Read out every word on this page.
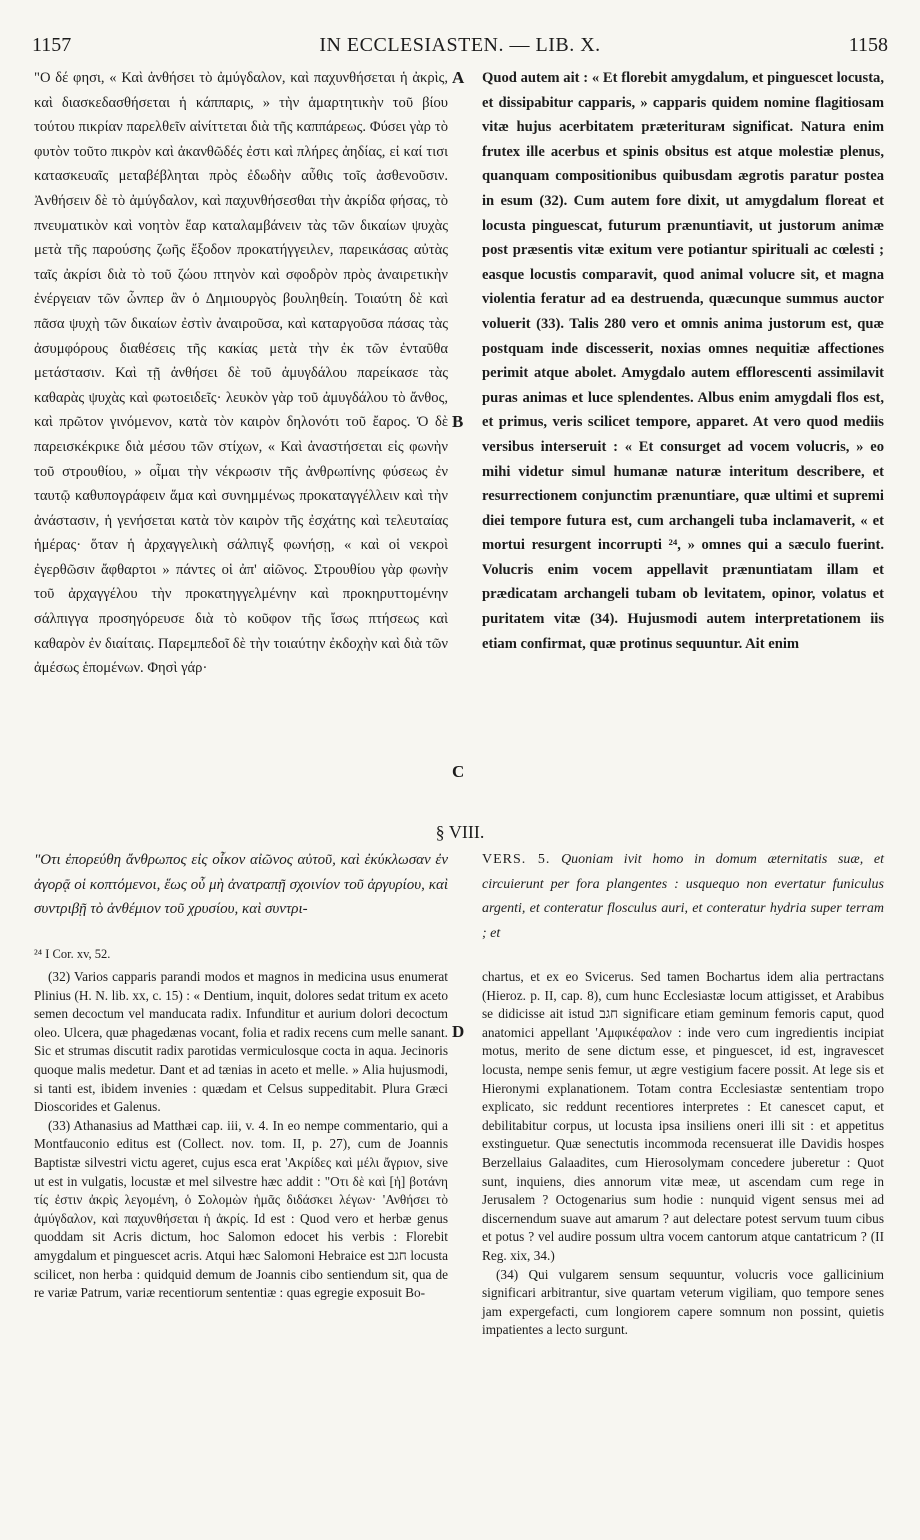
1157	IN ECCLESIASTEN. — LIB. X.	1158
A
B
C
D

"Ο δέ φησι, « Καὶ ἀνθήσει τὸ ἀμύγδαλον, καὶ παχυνθήσεται ἡ ἀκρὶς, καὶ διασκεδασθήσεται ἡ κάππαρις, » τὴν ἁμαρτητικὴν τοῦ βίου τούτου πικρίαν παρελθεῖν αἰνίττεται διὰ τῆς καππάρεως. Φύσει γὰρ τὸ φυτὸν τοῦτο πικρὸν καὶ ἀκανθῶδές ἐστι καὶ πλήρες ἀηδίας, εἰ καί τισι κατασκευαῖς μεταβέβληται πρὸς ἐδωδὴν αὖθις τοῖς ἀσθενοῦσιν. Ἀνθήσειν δὲ τὸ ἀμύγδαλον, καὶ παχυνθήσεσθαι τὴν ἀκρίδα φήσας, τὸ πνευματικὸν καὶ νοητὸν ἔαρ καταλαμβάνειν τὰς τῶν δικαίων ψυχὰς μετὰ τῆς παρούσης ζωῆς ἔξοδον προκατήγγειλεν, παρεικάσας αὐτὰς ταῖς ἀκρίσι διὰ τὸ τοῦ ζώου πτηνὸν καὶ σφοδρὸν πρὸς ἀναιρετικὴν ἐνέργειαν τῶν ὧνπερ ἂν ὁ Δημιουργὸς βουληθείη. Τοιαύτη δὲ καὶ πᾶσα ψυχὴ τῶν δικαίων ἐστὶν ἀναιροῦσα, καὶ καταργοῦσα πάσας τὰς ἀσυμφόρους διαθέσεις τῆς κακίας μετὰ τὴν ἐκ τῶν ἐνταῦθα μετάστασιν. Καὶ τῇ ἀνθήσει δὲ τοῦ ἀμυγδάλου παρείκασε τὰς καθαρὰς ψυχὰς καὶ φωτοειδεῖς· λευκὸν γὰρ τοῦ ἀμυγδάλου τὸ ἄνθος, καὶ πρῶτον γινόμενον, κατὰ τὸν καιρὸν δηλονότι τοῦ ἔαρος. Ὁ δὲ παρεισκέκρικε διὰ μέσου τῶν στίχων, « Καὶ ἀναστήσεται εἰς φωνὴν τοῦ στρουθίου, » οἶμαι τὴν νέκρωσιν τῆς ἀνθρωπίνης φύσεως ἐν ταυτῷ καθυπογράφειν ἅμα καὶ συνημμένως προκαταγγέλλειν καὶ τὴν ἀνάστασιν, ἡ γενήσεται κατὰ τὸν καιρὸν τῆς ἐσχάτης καὶ τελευταίας ἡμέρας· ὅταν ἡ ἀρχαγγελικὴ σάλπιγξ φωνήσῃ, « καὶ οἱ νεκροὶ ἐγερθῶσιν ἄφθαρτοι » πάντες οἱ ἀπ' αἰῶνος. Στρουθίου γὰρ φωνὴν τοῦ ἀρχαγγέλου τὴν προκατηγγελμένην καὶ προκηρυττομένην σάλπιγγα προσηγόρευσε διὰ τὸ κοῦφον τῆς ἴσως πτήσεως καὶ καθαρὸν ἐν διαίταις. Παρεμπεδοῖ δὲ τὴν τοιαύτην ἐκδοχὴν καὶ διὰ τῶν ἀμέσως ἑπομένων. Φησὶ γάρ·

Quod autem ait : « Et florebit amygdalum, et pinguescet locusta, et dissipabitur capparis, » capparis quidem nomine flagitiosam vitæ hujus acerbitatem præteriturам significat. Natura enim frutex ille acerbus et spinis obsitus est atque molestiæ plenus, quanquam compositionibus quibusdam ægrotis paratur postea in esum (32). Cum autem fore dixit, ut amygdalum floreat et locusta pinguescat, futurum prænuntiavit, ut justorum animæ post præsentis vitæ exitum vere potiantur spirituali ac cœlesti ; easque locustis comparavit, quod animal volucre sit, et magna violentia feratur ad ea destruenda, quæcunque summus auctor voluerit (33). Talis 280 vero et omnis anima justorum est, quæ postquam inde discesserit, noxias omnes nequitiæ affectiones perimit atque abolet. Amygdalo autem efflorescenti assimilavit puras animas et luce splendentes. Albus enim amygdali flos est, et primus, veris scilicet tempore, apparet. At vero quod mediis versibus interseruit : « Et consurget ad vocem volucris, » eo mihi videtur simul humanæ naturæ interitum describere, et resurrectionem conjunctim prænuntiare, quæ ultimi et supremi diei tempore futura est, cum archangeli tuba inclamaverit, « et mortui resurgent incorrupti ²⁴, » omnes qui a sæculo fuerint. Volucris enim vocem appellavit prænuntiatam illam et prædicatam archangeli tubam ob levitatem, opinor, volatus et puritatem vitæ (34). Hujusmodi autem interpretationem iis etiam confirmat, quæ protinus sequuntur. Ait enim

§ VIII.
"Οτι ἐπορεύθη ἄνθρωπος εἰς οἶκον αἰῶνος αὐτοῦ, καὶ ἐκύκλωσαν ἐν ἀγορᾷ οἱ κοπτόμενοι, ἕως οὗ μὴ ἀνατραπῇ σχοινίον τοῦ ἀργυρίου, καὶ συντριβῇ τὸ ἀνθέμιον τοῦ χρυσίου, καὶ συντρι-
VERS. 5. Quoniam ivit homo in domum æternitatis suæ, et circuierunt per fora plangentes : usquequo non evertatur funiculus argenti, et conteratur flosculus auri, et conteratur hydria super terram ; et
²⁴ I Cor. xv, 52.

(32) Varios capparis parandi modos et magnos in medicina usus enumerat Plinius (H. N. lib. xx, c. 15) : « Dentium, inquit, dolores sedat tritum ex aceto semen decoctum vel manducata radix. Infunditur et aurium dolori decoctum oleo. Ulcera, quæ phagedænas vocant, folia et radix recens cum melle sanant. Sic et strumas discutit radix parotidas vermiculosque cocta in aqua. Jecinoris quoque malis medetur. Dant et ad tænias in aceto et melle. » Alia hujusmodi, si tanti est, ibidem invenies : quædam et Celsus suppeditabit. Plura Græci Dioscorides et Galenus.

(33) Athanasius ad Matthæi cap. iii, v. 4. In eo nempe commentario, qui a Montfauconio editus est (Collect. nov. tom. II, p. 27), cum de Joannis Baptistæ silvestri victu ageret, cujus esca erat 'Ακρίδες καὶ μέλι ἄγριον, sive ut est in vulgatis, locustæ et mel silvestre hæc addit : "Οτι δὲ καὶ [ἡ] βοτάνη τίς ἐστιν ἀκρὶς λεγομένη, ὁ Σολομὼν ἡμᾶς διδάσκει λέγων· 'Ανθήσει τὸ ἀμύγδαλον, καὶ παχυνθήσεται ἡ ἀκρίς. Id est : Quod vero et herbæ genus quoddam sit Acris dictum, hoc Salomon edocet his verbis : Florebit amygdalum et pinguescet acris. Atqui hæc Salomoni Hebraice est חגב locusta scilicet, non herba : quidquid demum de Joannis cibo sentiendum sit, qua de re variæ Patrum, variæ recentiorum sententiæ : quas egregie exposuit Bo-

chartus, et ex eo Svicerus. Sed tamen Bochartus idem alia pertractans (Hieroz. p. II, cap. 8), cum hunc Ecclesiastæ locum attigisset, et Arabibus se didicisse ait istud חגב significare etiam geminum femoris caput, quod anatomici appellant 'Αμφικέφαλον : inde vero cum ingredientis incipiat motus, merito de sene dictum esse, et pinguescet, id est, ingravescet locusta, nempe senis femur, ut ægre vestigium facere possit. At lege sis et Hieronymi explanationem. Totam contra Ecclesiastæ sententiam tropo explicato, sic reddunt recentiores interpretes : Et canescet caput, et debilitabitur corpus, ut locusta ipsa insiliens oneri illi sit : et appetitus exstinguetur. Quæ senectutis incommoda recensuerat ille Davidis hospes Berzellaius Galaadites, cum Hierosolymam concedere juberetur : Quot sunt, inquiens, dies annorum vitæ meæ, ut ascendam cum rege in Jerusalem ? Octogenarius sum hodie : nunquid vigent sensus mei ad discernendum suave aut amarum ? aut delectare potest servum tuum cibus et potus ? vel audire possum ultra vocem cantorum atque cantatricum ? (II Reg. xix, 34.)

(34) Qui vulgarem sensum sequuntur, volucris voce gallicinium significari arbitrantur, sive quartam veterum vigiliam, quo tempore senes jam expergefacti, cum longiorem capere somnum non possint, quietis impatientes a lecto surgunt.
